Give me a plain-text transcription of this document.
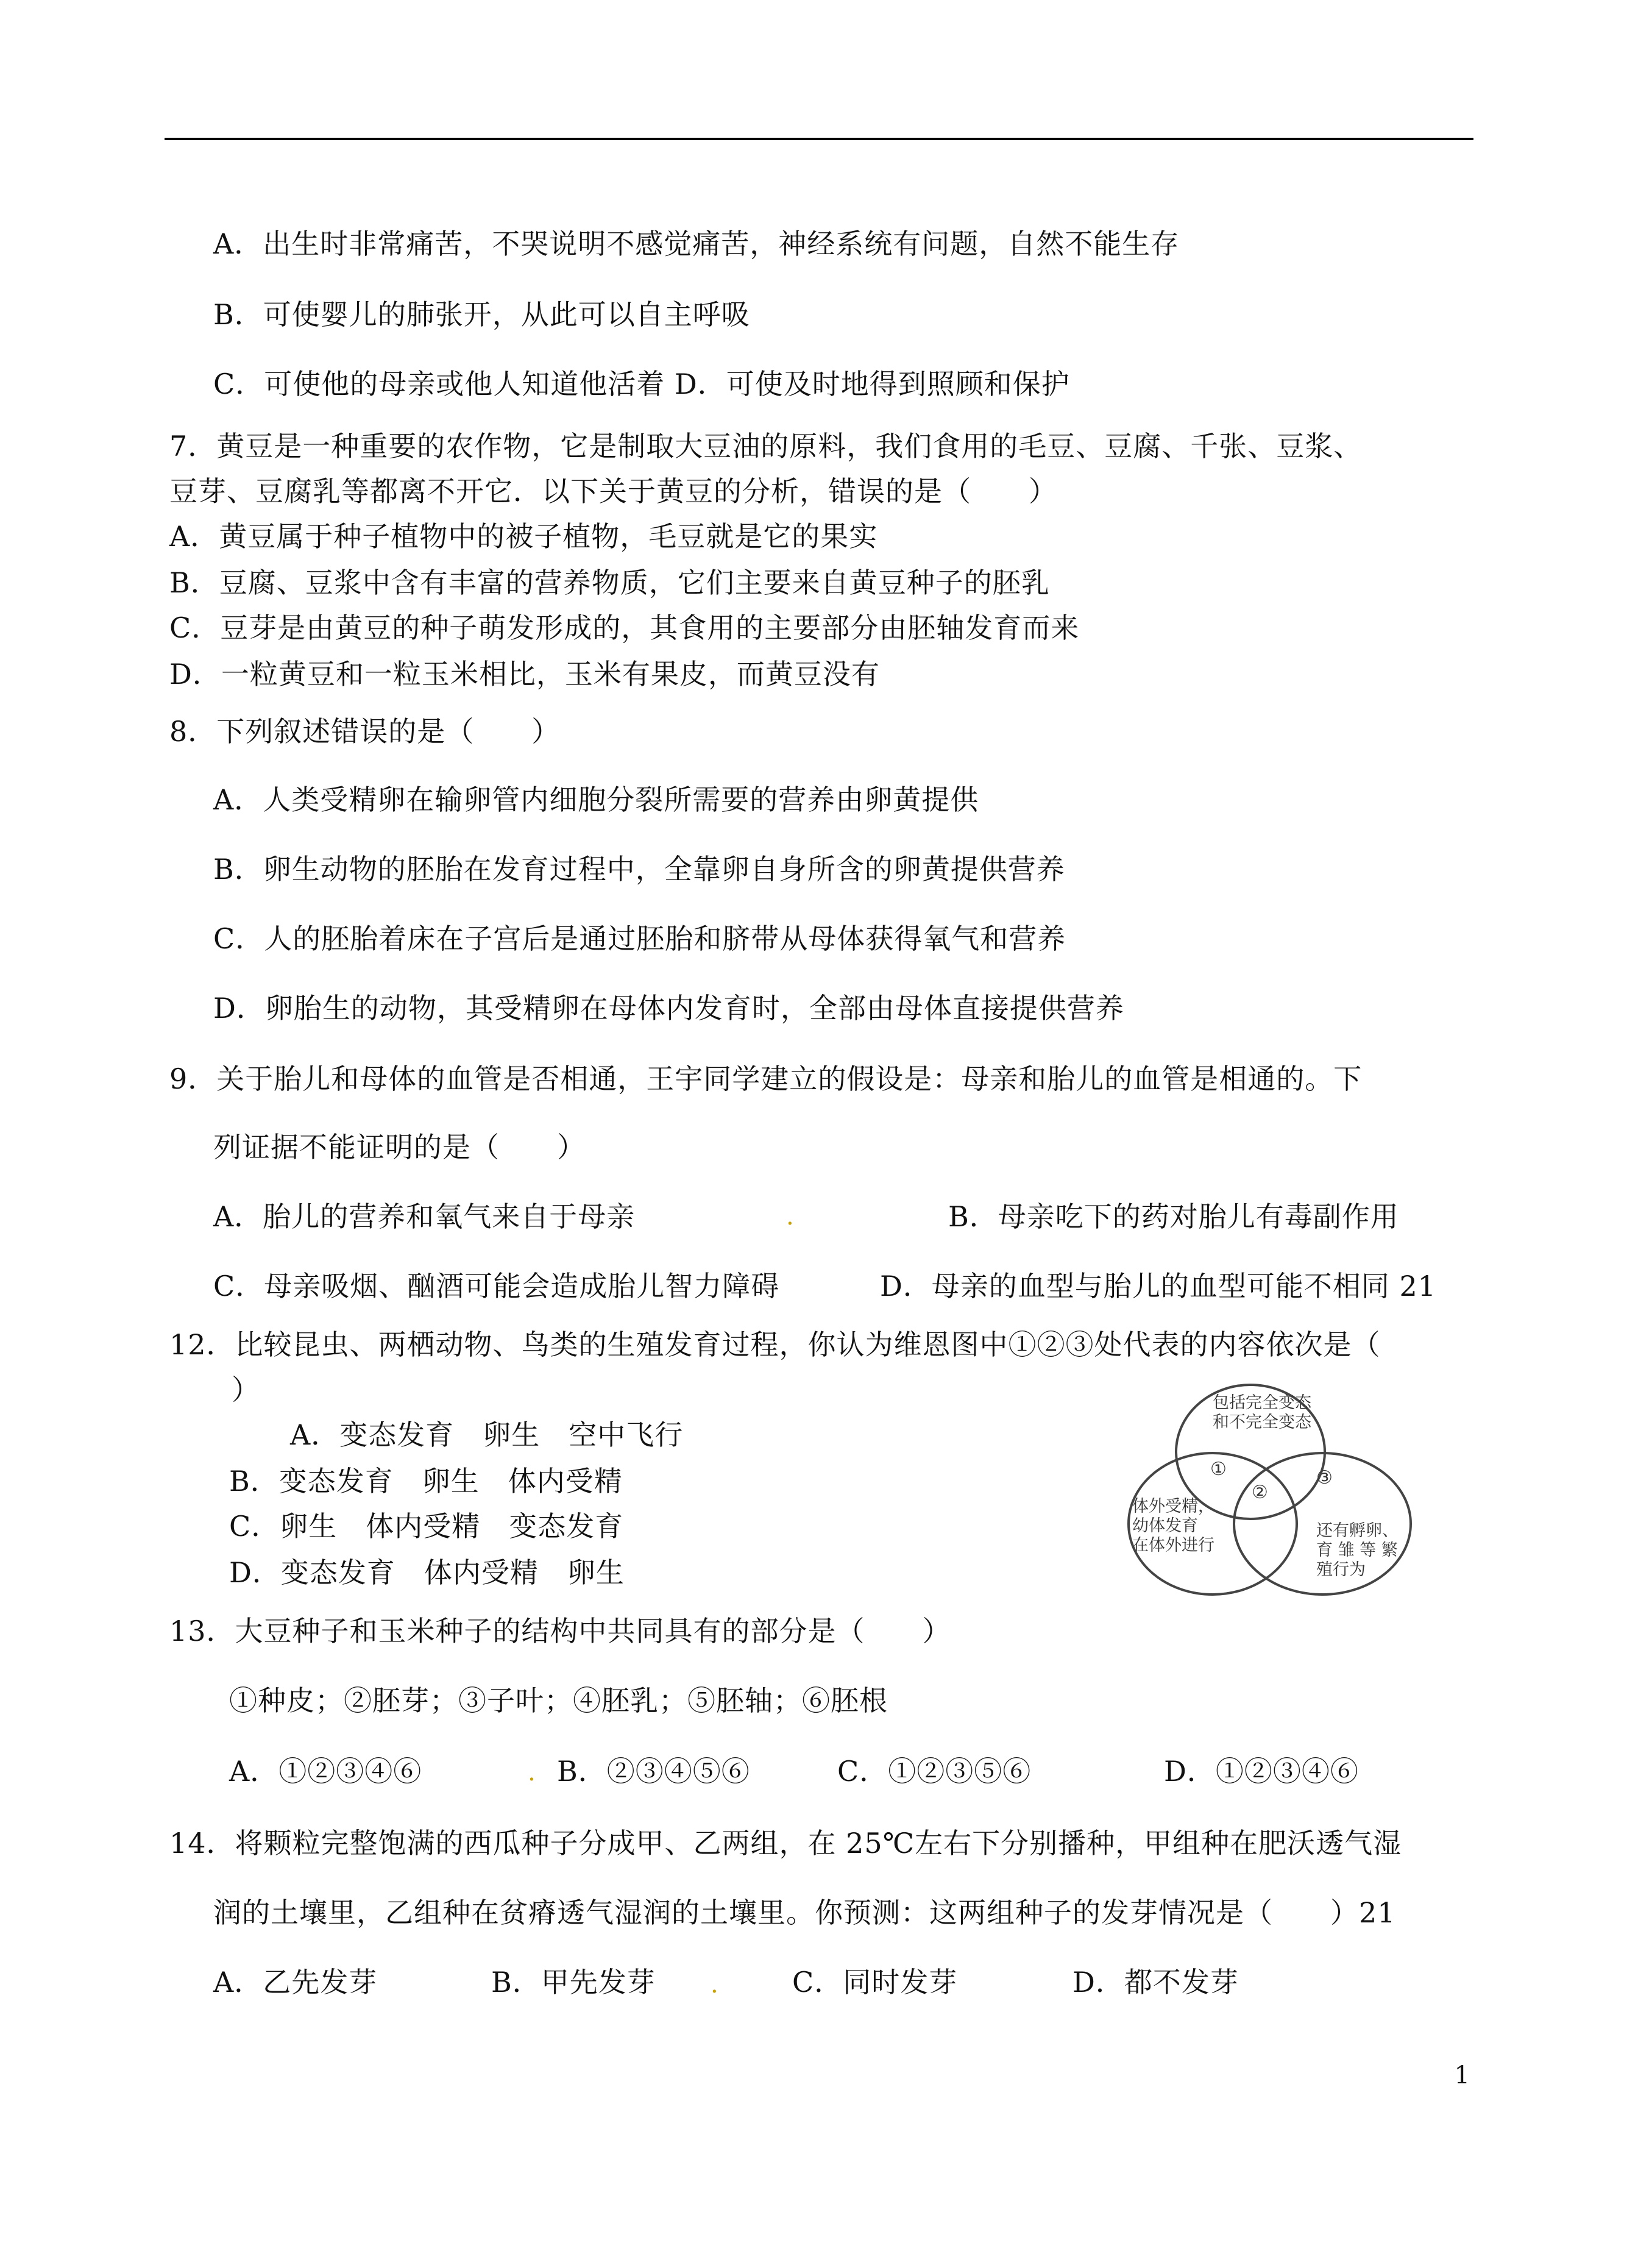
A．出生时非常痛苦，不哭说明不感觉痛苦，神经系统有问题，自然不能生存
B．可使婴儿的肺张开，从此可以自主呼吸
C．可使他的母亲或他人知道他活着 D．可使及时地得到照顾和保护
7．黄豆是一种重要的农作物，它是制取大豆油的原料，我们食用的毛豆、豆腐、千张、豆浆、
豆芽、豆腐乳等都离不开它．以下关于黄豆的分析，错误的是（　　）
A．黄豆属于种子植物中的被子植物，毛豆就是它的果实
B．豆腐、豆浆中含有丰富的营养物质，它们主要来自黄豆种子的胚乳
C．豆芽是由黄豆的种子萌发形成的，其食用的主要部分由胚轴发育而来
D．一粒黄豆和一粒玉米相比，玉米有果皮，而黄豆没有
8．下列叙述错误的是（　　）
A．人类受精卵在输卵管内细胞分裂所需要的营养由卵黄提供
B．卵生动物的胚胎在发育过程中，全靠卵自身所含的卵黄提供营养
C．人的胚胎着床在子宫后是通过胚胎和脐带从母体获得氧气和营养
D．卵胎生的动物，其受精卵在母体内发育时，全部由母体直接提供营养
9．关于胎儿和母体的血管是否相通，王宇同学建立的假设是：母亲和胎儿的血管是相通的。下
列证据不能证明的是（　　）
A．胎儿的营养和氧气来自于母亲	.	B．母亲吃下的药对胎儿有毒副作用
C．母亲吸烟、酗酒可能会造成胎儿智力障碍	D．母亲的血型与胎儿的血型可能不相同 21
12．比较昆虫、两栖动物、鸟类的生殖发育过程，你认为维恩图中①②③处代表的内容依次是（
）
A．变态发育　卵生　空中飞行
B．变态发育　卵生　体内受精
C．卵生　体内受精　变态发育
D．变态发育　体内受精　卵生
包括完全变态
和不完全变态
①
②
③
体外受精，
幼体发育
在体外进行
还有孵卵、
育 雏 等 繁
殖行为
13．大豆种子和玉米种子的结构中共同具有的部分是（　　）
①种皮；②胚芽；③子叶；④胚乳；⑤胚轴；⑥胚根
A．①②③④⑥	. B．②③④⑤⑥	C．①②③⑤⑥	D．①②③④⑥
14．将颗粒完整饱满的西瓜种子分成甲、乙两组，在 25℃左右下分别播种，甲组种在肥沃透气湿
润的土壤里，乙组种在贫瘠透气湿润的土壤里。你预测：这两组种子的发芽情况是（　　）21
A．乙先发芽	B．甲先发芽 .	C．同时发芽	D．都不发芽
1
